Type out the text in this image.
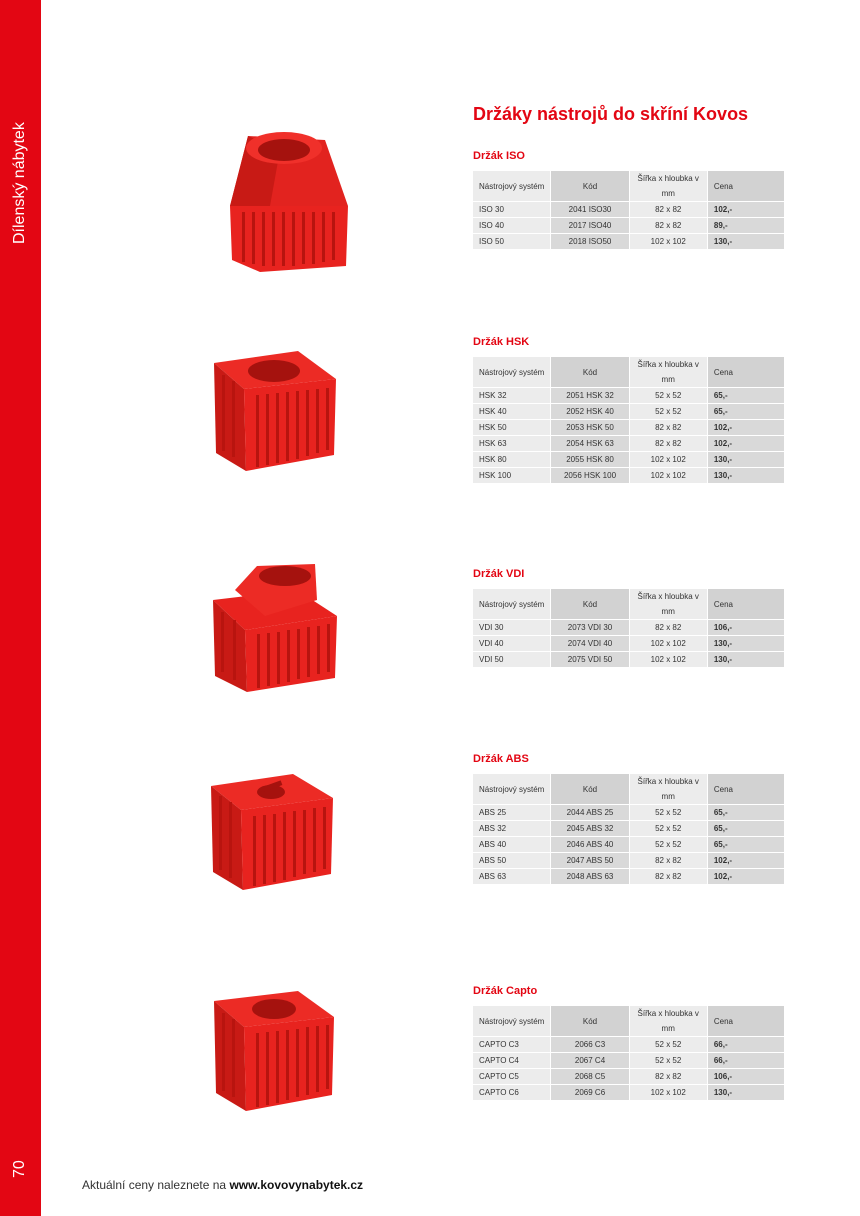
Dílenský nábytek
70
Držáky nástrojů do skříní Kovos
Držák ISO
Nástrojový systém	Kód	Šířka x hloubka v mm	Cena
ISO 30	2041 ISO30	82 x 82	102,-
ISO 40	2017 ISO40	82 x 82	89,-
ISO 50	2018 ISO50	102 x 102	130,-
Držák HSK
Nástrojový systém	Kód	Šířka x hloubka v mm	Cena
HSK 32	2051 HSK 32	52 x 52	65,-
HSK 40	2052 HSK 40	52 x 52	65,-
HSK 50	2053 HSK 50	82 x 82	102,-
HSK 63	2054 HSK 63	82 x 82	102,-
HSK 80	2055 HSK 80	102 x 102	130,-
HSK 100	2056 HSK 100	102 x 102	130,-
Držák VDI
Nástrojový systém	Kód	Šířka x hloubka v mm	Cena
VDI 30	2073 VDI 30	82 x 82	106,-
VDI 40	2074 VDI 40	102 x 102	130,-
VDI 50	2075 VDI 50	102 x 102	130,-
Držák ABS
Nástrojový systém	Kód	Šířka x hloubka v mm	Cena
ABS 25	2044 ABS 25	52 x 52	65,-
ABS 32	2045 ABS 32	52 x 52	65,-
ABS 40	2046 ABS 40	52 x 52	65,-
ABS 50	2047 ABS 50	82 x 82	102,-
ABS 63	2048 ABS 63	82 x 82	102,-
Držák Capto
Nástrojový systém	Kód	Šířka x hloubka v mm	Cena
CAPTO C3	2066 C3	52 x 52	66,-
CAPTO C4	2067 C4	52 x 52	66,-
CAPTO C5	2068 C5	82 x 82	106,-
CAPTO C6	2069 C6	102 x 102	130,-
Aktuální ceny naleznete na www.kovovynabytek.cz
